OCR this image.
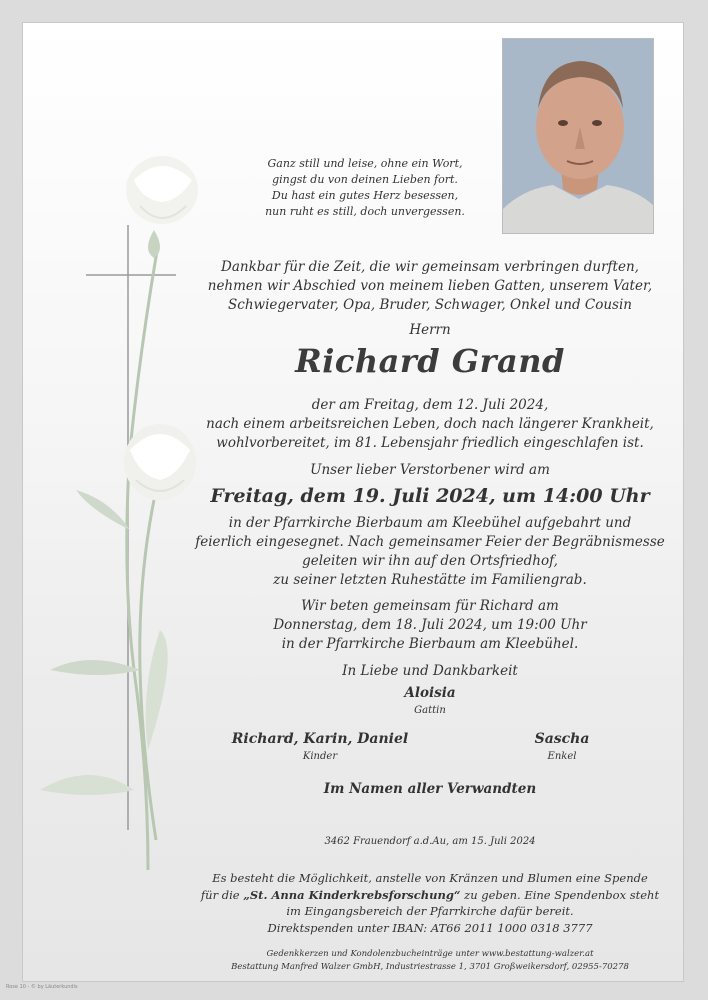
Ganz still und leise, ohne ein Wort,
gingst du von deinen Lieben fort.
Du hast ein gutes Herz besessen,
nun ruht es still, doch unvergessen.
Dankbar für die Zeit, die wir gemeinsam verbringen durften,
nehmen wir Abschied von meinem lieben Gatten, unserem Vater,
Schwiegervater, Opa, Bruder, Schwager, Onkel und Cousin
Herrn
Richard Grand
der am Freitag, dem 12. Juli 2024,
nach einem arbeitsreichen Leben, doch nach längerer Krankheit,
wohlvorbereitet, im 81. Lebensjahr friedlich eingeschlafen ist.
Unser lieber Verstorbener wird am
Freitag, dem 19. Juli 2024, um 14:00 Uhr
in der Pfarrkirche Bierbaum am Kleebühel aufgebahrt und
feierlich eingesegnet. Nach gemeinsamer Feier der Begräbnismesse
geleiten wir ihn auf den Ortsfriedhof,
zu seiner letzten Ruhestätte im Familiengrab.
Wir beten gemeinsam für Richard am
Donnerstag, dem 18. Juli 2024, um 19:00 Uhr
in der Pfarrkirche Bierbaum am Kleebühel.
In Liebe und Dankbarkeit
Aloisia
Gattin
Richard, Karin, Daniel
Kinder
Sascha
Enkel
Im Namen aller Verwandten
3462 Frauendorf a.d.Au, am 15. Juli 2024
Es besteht die Möglichkeit, anstelle von Kränzen und Blumen eine Spende
für die „St. Anna Kinderkrebsforschung“ zu geben. Eine Spendenbox steht
im Eingangsbereich der Pfarrkirche dafür bereit.
Direktspenden unter IBAN: AT66 2011 1000 0318 3777
Gedenkkerzen und Kondolenzbucheinträge unter www.bestattung-walzer.at
Bestattung Manfred Walzer GmbH, Industriestrasse 1, 3701 Großweikersdorf, 02955-70278
Rose 10 - © by Läuterkundis
